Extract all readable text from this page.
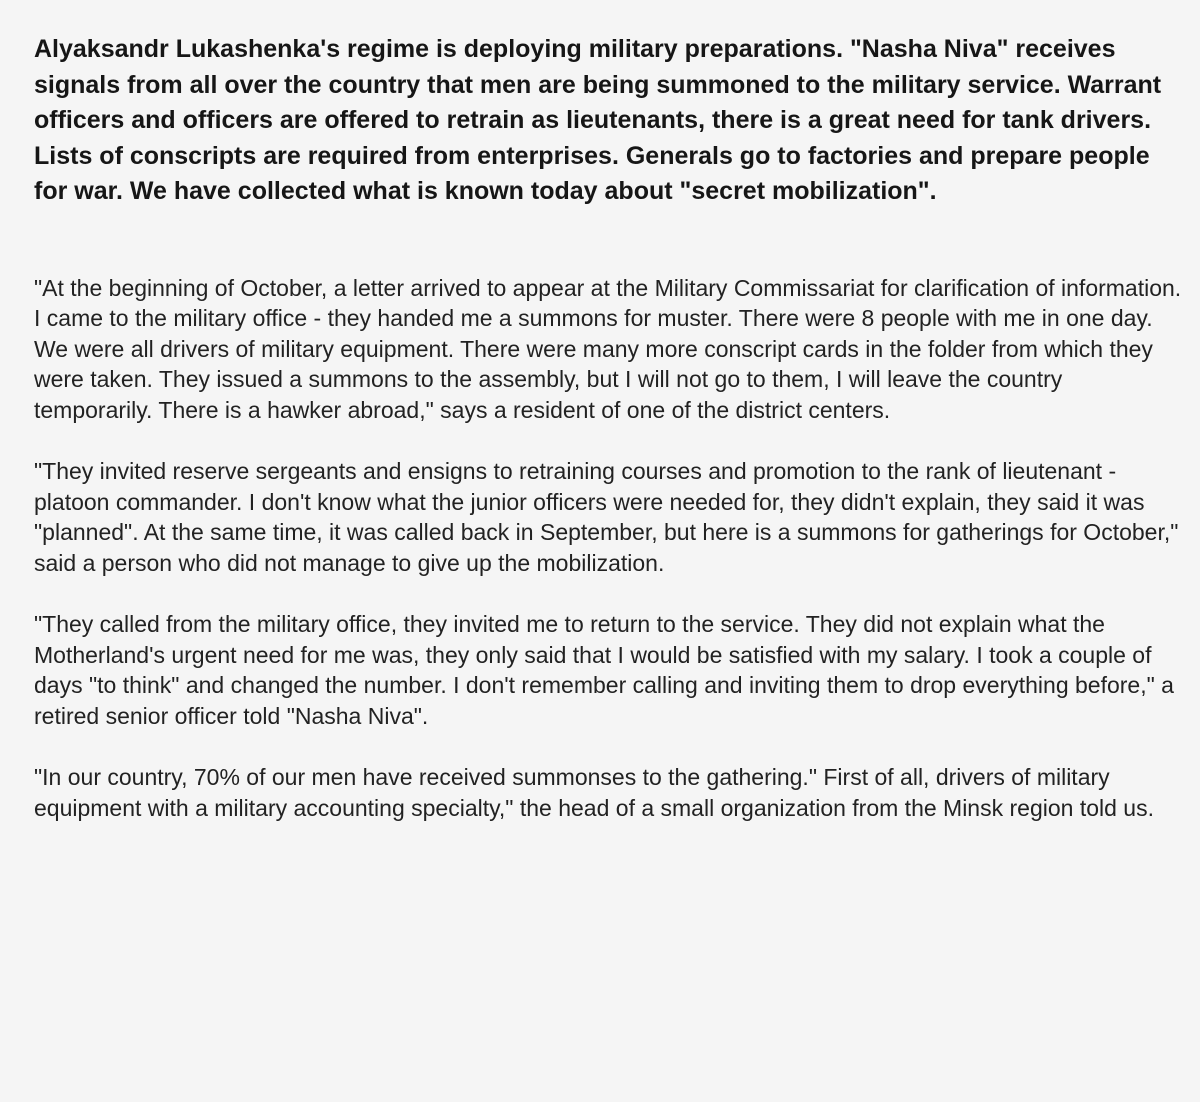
Alyaksandr Lukashenka's regime is deploying military preparations. "Nasha Niva" receives signals from all over the country that men are being summoned to the military service. Warrant officers and officers are offered to retrain as lieutenants, there is a great need for tank drivers. Lists of conscripts are required from enterprises. Generals go to factories and prepare people for war. We have collected what is known today about "secret mobilization".

"At the beginning of October, a letter arrived to appear at the Military Commissariat for clarification of information. I came to the military office - they handed me a summons for muster. There were 8 people with me in one day. We were all drivers of military equipment. There were many more conscript cards in the folder from which they were taken. They issued a summons to the assembly, but I will not go to them, I will leave the country temporarily. There is a hawker abroad," says a resident of one of the district centers.

"They invited reserve sergeants and ensigns to retraining courses and promotion to the rank of lieutenant - platoon commander. I don't know what the junior officers were needed for, they didn't explain, they said it was "planned". At the same time, it was called back in September, but here is a summons for gatherings for October," said a person who did not manage to give up the mobilization.

"They called from the military office, they invited me to return to the service. They did not explain what the Motherland's urgent need for me was, they only said that I would be satisfied with my salary. I took a couple of days "to think" and changed the number. I don't remember calling and inviting them to drop everything before," a retired senior officer told "Nasha Niva".

"In our country, 70% of our men have received summonses to the gathering." First of all, drivers of military equipment with a military accounting specialty," the head of a small organization from the Minsk region told us.
